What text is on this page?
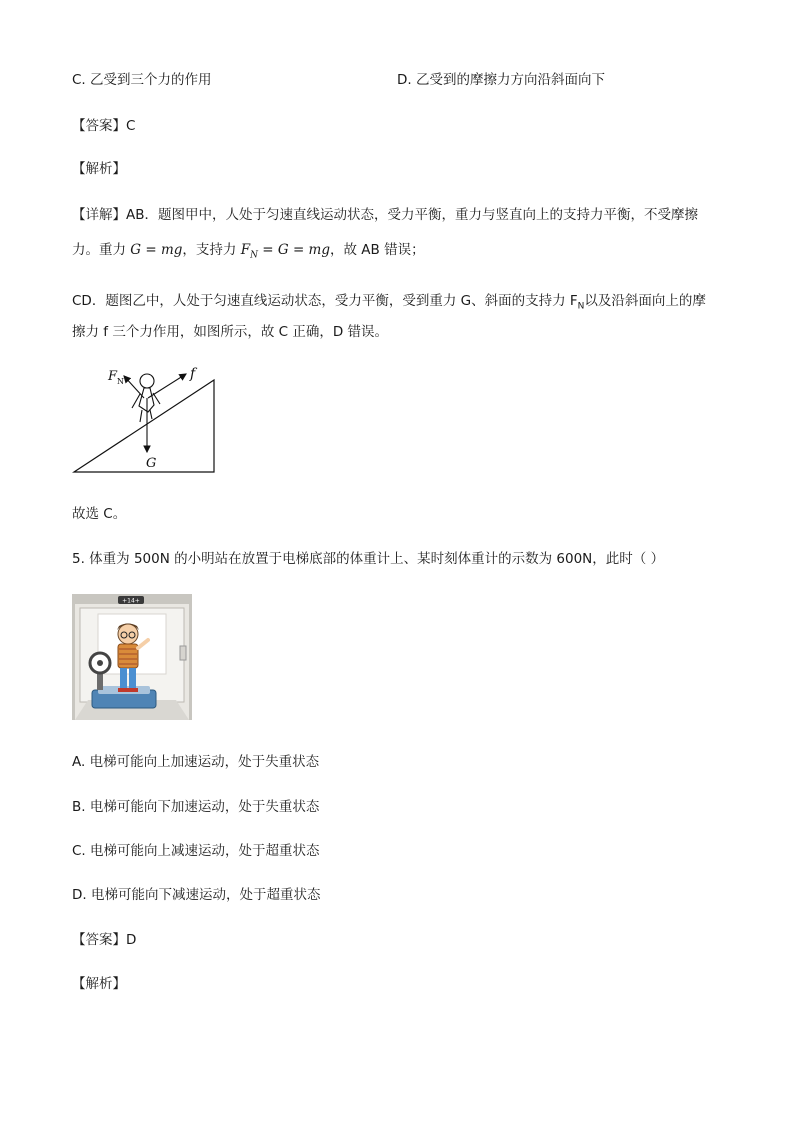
C. 乙受到三个力的作用	D. 乙受到的摩擦力方向沿斜面向下
【答案】C
【解析】
【详解】AB．题图甲中，人处于匀速直线运动状态，受力平衡，重力与竖直向上的支持力平衡，不受摩擦
力。重力 G = mg，支持力 $F_N = G$ = mg，故 AB 错误；
CD．题图乙中，人处于匀速直线运动状态，受力平衡，受到重力 G、斜面的支持力 $F_N$以及沿斜面向上的摩
擦力 f 三个力作用，如图所示，故 C 正确，D 错误。
$F_N$	f
G
故选 C。
5. 体重为 500N 的小明站在放置于电梯底部的体重计上、某时刻体重计的示数为 600N，此时（ ）
+14+
A. 电梯可能向上加速运动，处于失重状态
B. 电梯可能向下加速运动，处于失重状态
C. 电梯可能向上减速运动，处于超重状态
D. 电梯可能向下减速运动，处于超重状态
【答案】D
【解析】
